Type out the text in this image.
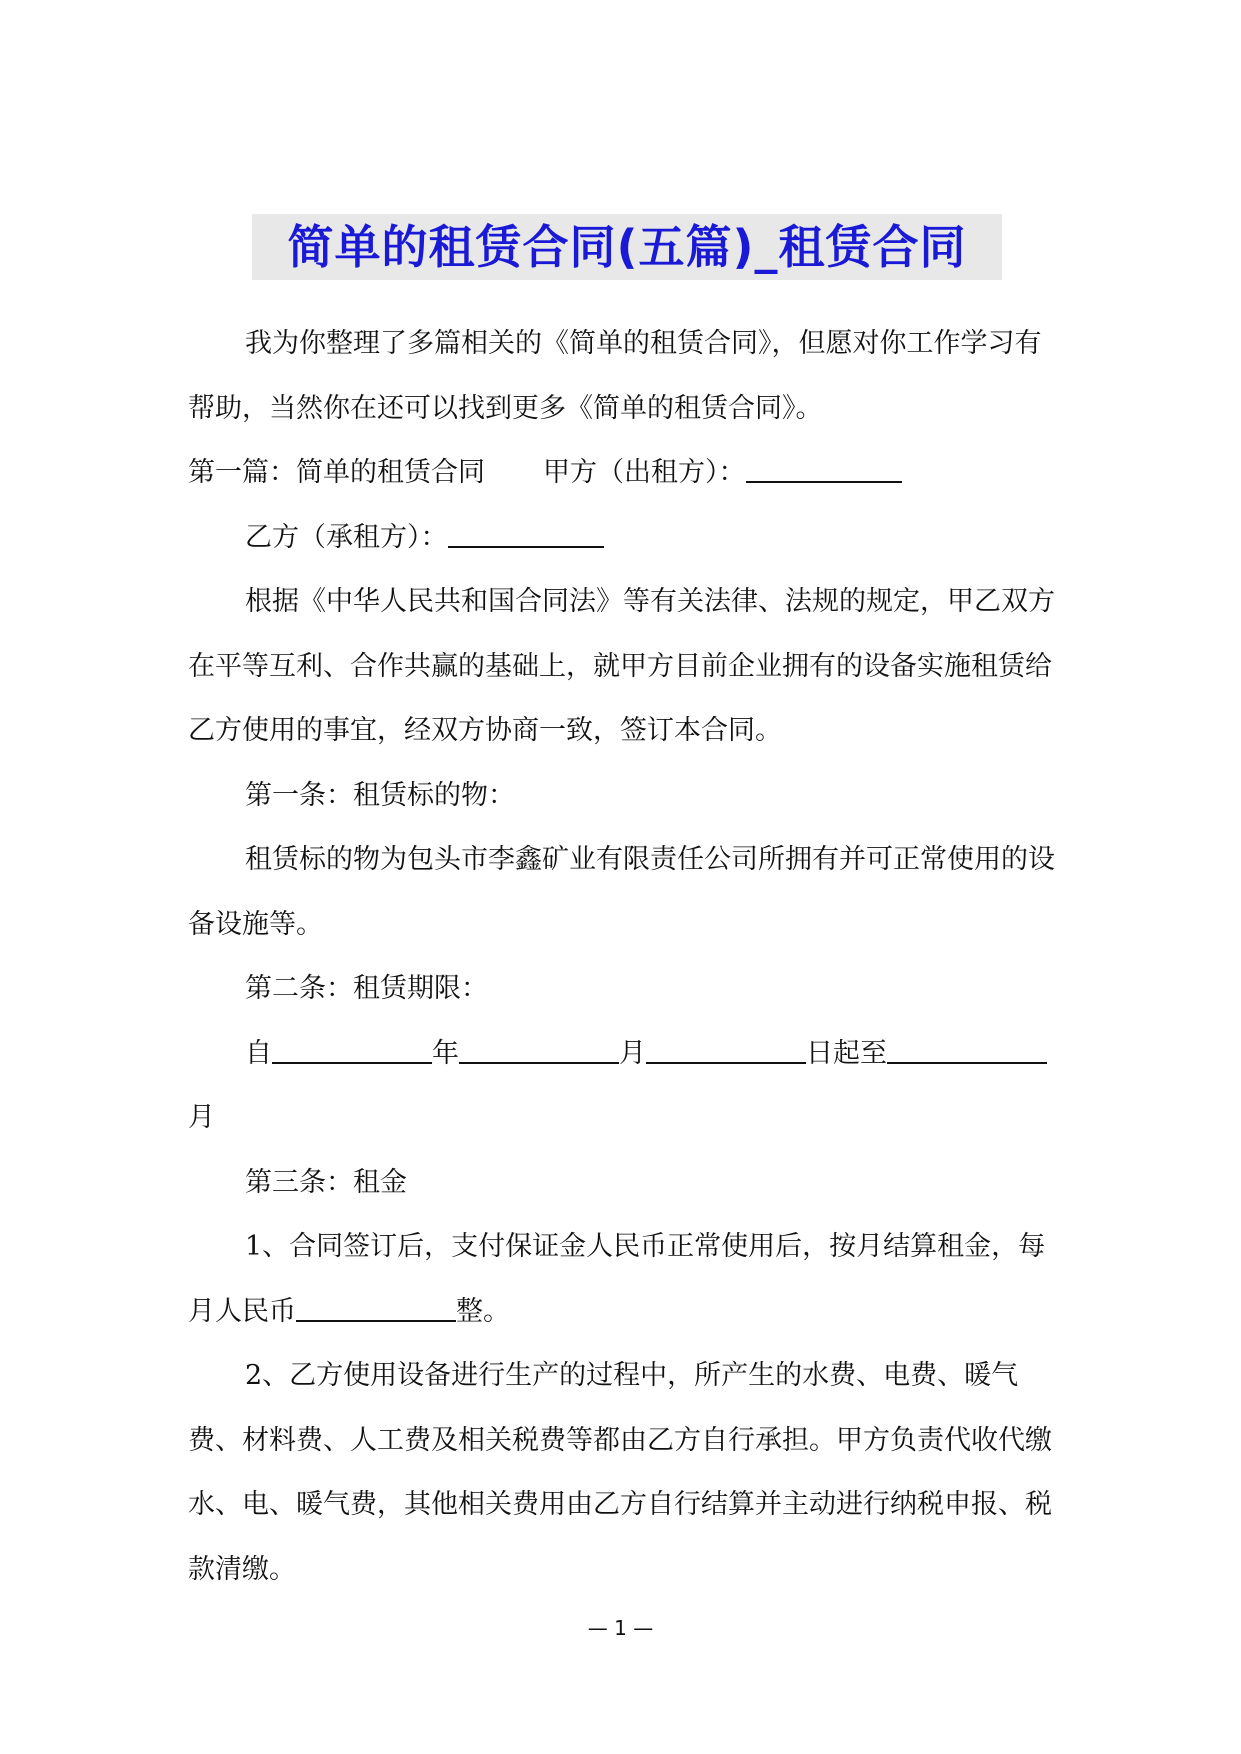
简单的租赁合同(五篇)_租赁合同

我为你整理了多篇相关的《简单的租赁合同》，但愿对你工作学习有帮助，当然你在还可以找到更多《简单的租赁合同》。

第一篇：简单的租赁合同 甲方（出租方）：

乙方（承租方）：

根据《中华人民共和国合同法》等有关法律、法规的规定，甲乙双方在平等互利、合作共赢的基础上，就甲方目前企业拥有的设备实施租赁给乙方使用的事宜，经双方协商一致，签订本合同。

第一条：租赁标的物：

租赁标的物为包头市李鑫矿业有限责任公司所拥有并可正常使用的设备设施等。

第二条：租赁期限：

自	年	月	日起至月

第三条：租金

1、合同签订后，支付保证金人民币正常使用后，按月结算租金，每月人民币	整。

2、乙方使用设备进行生产的过程中，所产生的水费、电费、暖气费、材料费、人工费及相关税费等都由乙方自行承担。甲方负责代收代缴水、电、暖气费，其他相关费用由乙方自行结算并主动进行纳税申报、税款清缴。

— 1 —
